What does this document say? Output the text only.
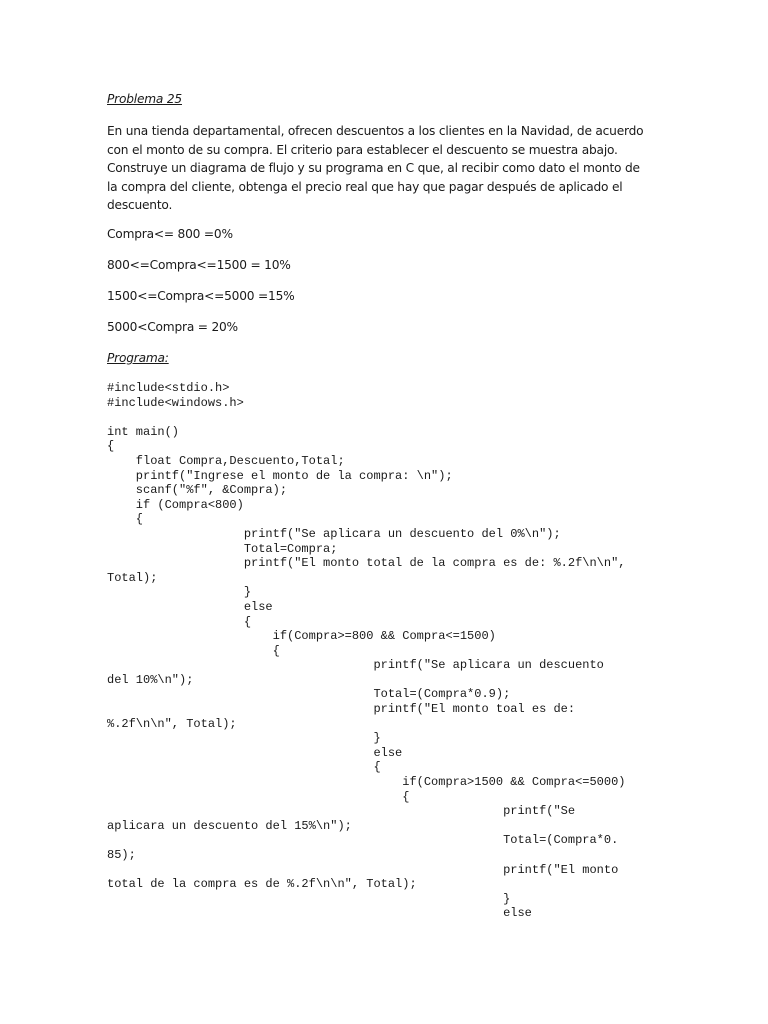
Problema 25

En una tienda departamental, ofrecen descuentos a los clientes en la Navidad, de acuerdo con el monto de su compra. El criterio para establecer el descuento se muestra abajo. Construye un diagrama de flujo y su programa en C que, al recibir como dato el monto de la compra del cliente, obtenga el precio real que hay que pagar después de aplicado el descuento.

Compra<= 800 =0%

800<=Compra<=1500 = 10%

1500<=Compra<=5000 =15%

5000<Compra = 20%

Programa:

#include<stdio.h>
#include<windows.h>
int main()
{
float Compra,Descuento,Total;
printf("Ingrese el monto de la compra: \n");
scanf("%f", &Compra);
if (Compra<800)
{
printf("Se aplicara un descuento del 0%\n");
Total=Compra;
printf("El monto total de la compra es de: %.2f\n\n",
Total);
}
else
{
if(Compra>=800 && Compra<=1500)
{
printf("Se aplicara un descuento
del 10%\n");
Total=(Compra*0.9);
printf("El monto toal es de:
%.2f\n\n", Total);
}
else
{
if(Compra>1500 && Compra<=5000)
{
printf("Se
aplicara un descuento del 15%\n");
Total=(Compra*0.
85);
printf("El monto
total de la compra es de %.2f\n\n", Total);
}
else
